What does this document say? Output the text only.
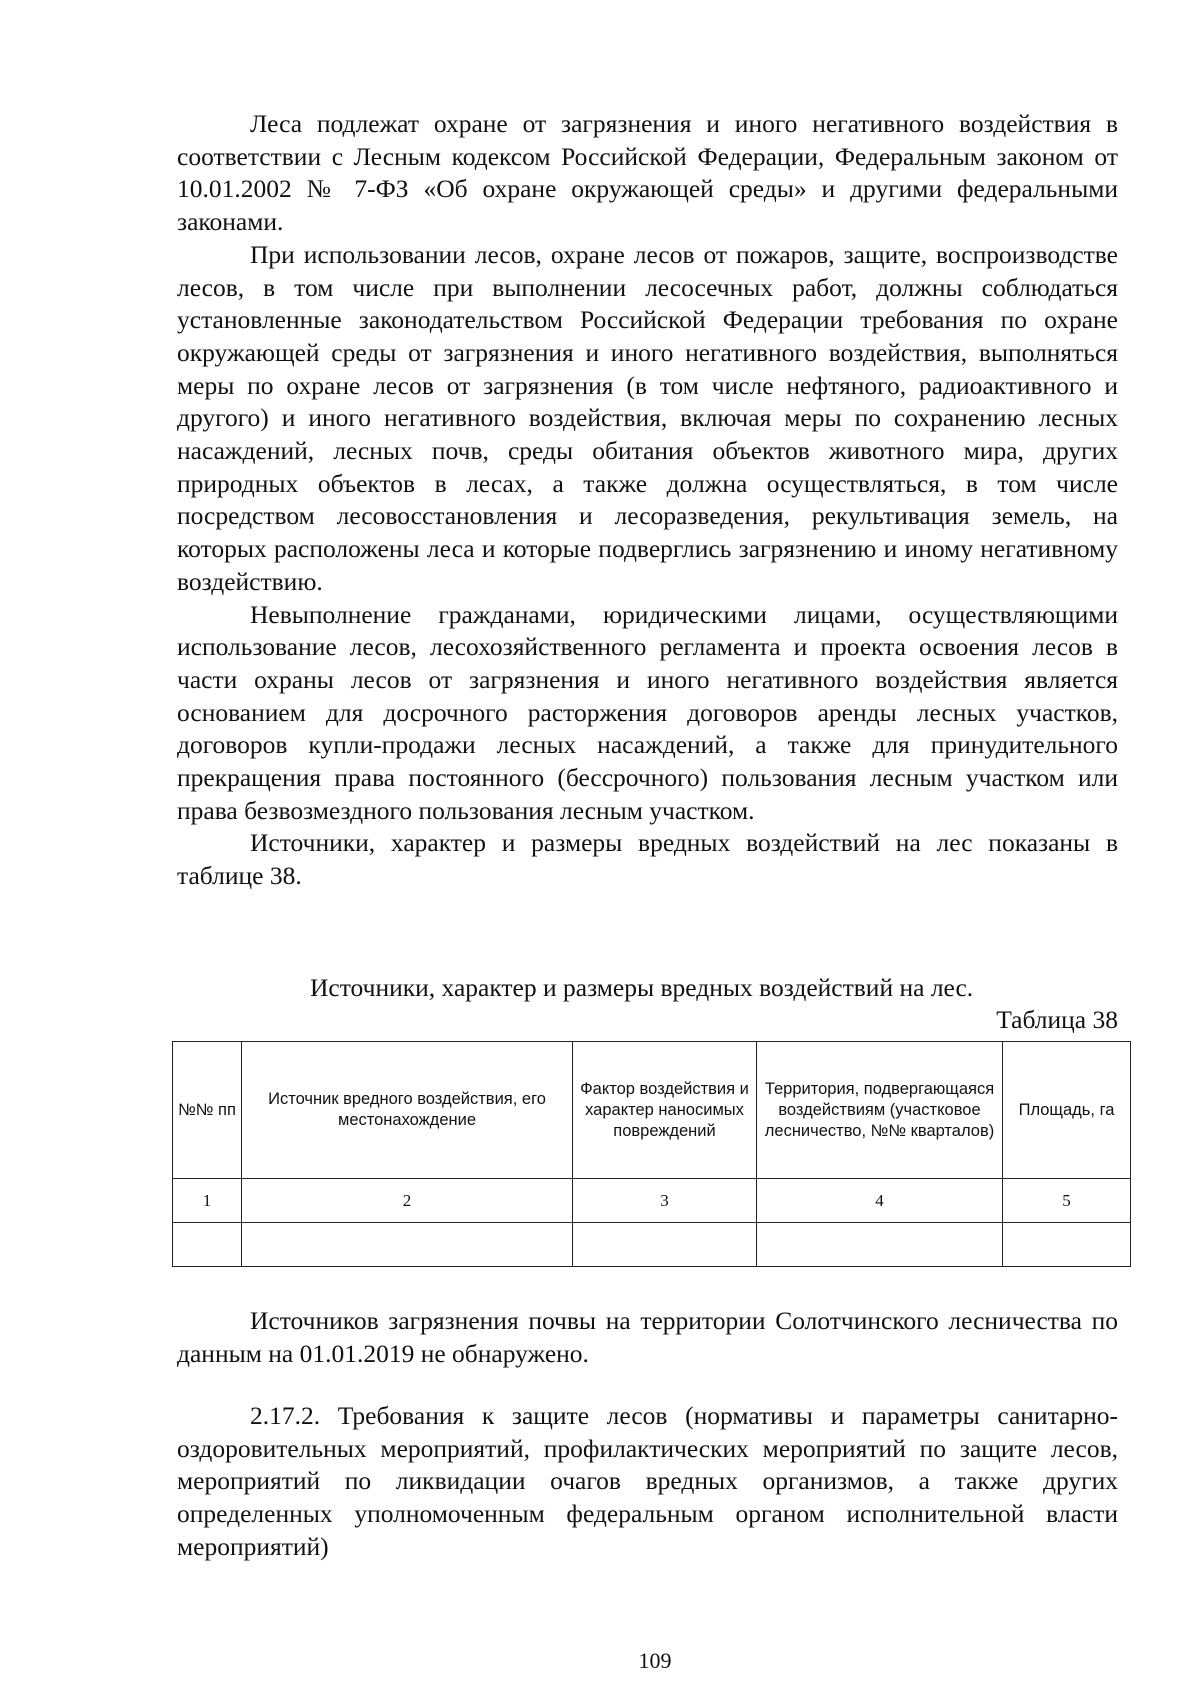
Леса подлежат охране от загрязнения и иного негативного воздействия в соответствии с Лесным кодексом Российской Федерации, Федеральным законом от 10.01.2002 № 7-ФЗ «Об охране окружающей среды» и другими федеральными законами.

При использовании лесов, охране лесов от пожаров, защите, воспроизводстве лесов, в том числе при выполнении лесосечных работ, должны соблюдаться установленные законодательством Российской Федерации требования по охране окружающей среды от загрязнения и иного негативного воздействия, выполняться меры по охране лесов от загрязнения (в том числе нефтяного, радиоактивного и другого) и иного негативного воздействия, включая меры по сохранению лесных насаждений, лесных почв, среды обитания объектов животного мира, других природных объектов в лесах, а также должна осуществляться, в том числе посредством лесовосстановления и лесоразведения, рекультивация земель, на которых расположены леса и которые подверглись загрязнению и иному негативному воздействию.

Невыполнение гражданами, юридическими лицами, осуществляющими использование лесов, лесохозяйственного регламента и проекта освоения лесов в части охраны лесов от загрязнения и иного негативного воздействия является основанием для досрочного расторжения договоров аренды лесных участков, договоров купли-продажи лесных насаждений, а также для принудительного прекращения права постоянного (бессрочного) пользования лесным участком или права безвозмездного пользования лесным участком.

Источники, характер и размеры вредных воздействий на лес показаны в таблице 38.

Источники, характер и размеры вредных воздействий на лес.
Таблица 38
№№ пп	Источник вредного воздействия, его местонахождение	Фактор воздействия и характер наносимых повреждений	Территория, подвергающаяся воздействиям (участковое лесничество, №№ кварталов)	Площадь, га
1	2	3	4	5

Источников загрязнения почвы на территории Солотчинского лесничества по данным на 01.01.2019 не обнаружено.

2.17.2. Требования к защите лесов (нормативы и параметры санитарно-оздоровительных мероприятий, профилактических мероприятий по защите лесов, мероприятий по ликвидации очагов вредных организмов, а также других определенных уполномоченным федеральным органом исполнительной власти мероприятий)

109
